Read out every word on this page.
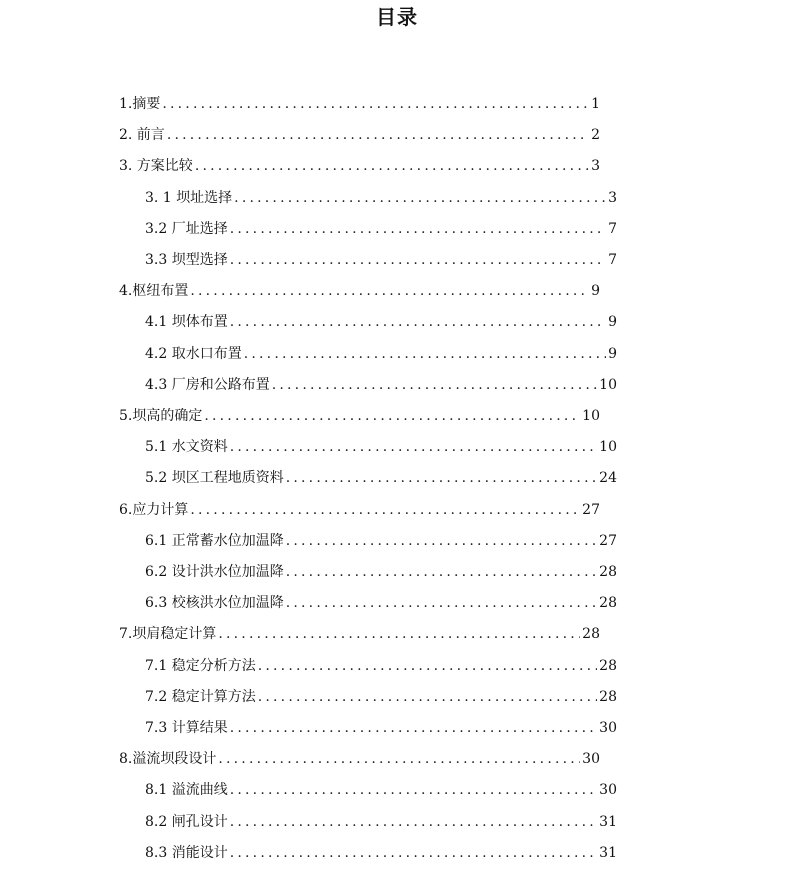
目录
1.摘要 .....	1
2. 前言 .....	2
3. 方案比较 .....	3
3. 1 坝址选择 .....	3
3.2 厂址选择 .....	7
3.3 坝型选择 .....	7
4.枢纽布置 .....	9
4.1 坝体布置 .....	9
4.2 取水口布置 .....	9
4.3 厂房和公路布置 .....	10
5.坝高的确定 .....	10
5.1 水文资料 .....	10
5.2 坝区工程地质资料 .....	24
6.应力计算 .....	27
6.1 正常蓄水位加温降 .....	27
6.2 设计洪水位加温降 .....	28
6.3 校核洪水位加温降 .....	28
7.坝肩稳定计算 .....	28
7.1 稳定分析方法 .....	28
7.2 稳定计算方法 .....	28
7.3 计算结果 .....	30
8.溢流坝段设计 .....	30
8.1 溢流曲线 .....	30
8.2 闸孔设计 .....	31
8.3 消能设计 .....	31
